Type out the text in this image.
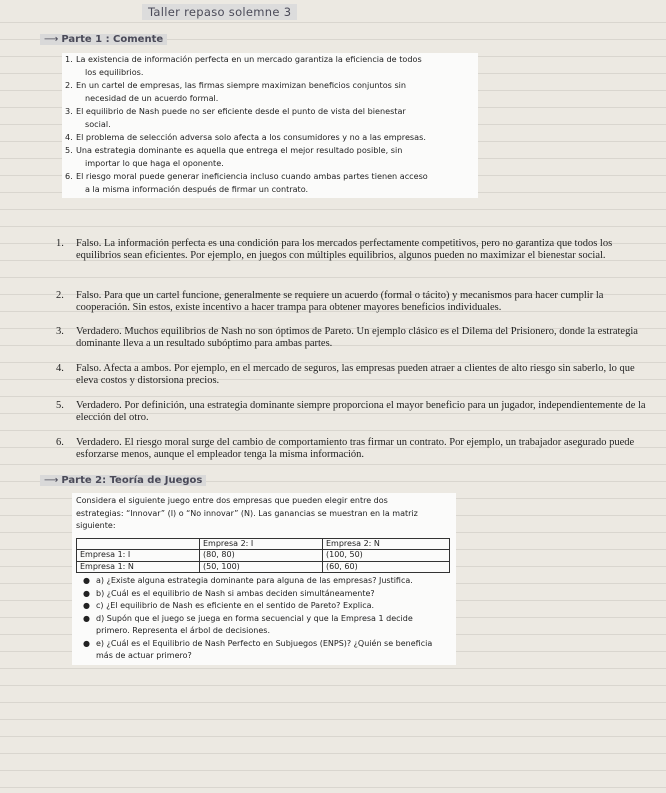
Taller repaso solemne 3
⟶ Parte 1 : Comente
1. La existencia de información perfecta en un mercado garantiza la eficiencia de todos
los equilibrios.
2. En un cartel de empresas, las firmas siempre maximizan beneficios conjuntos sin
necesidad de un acuerdo formal.
3. El equilibrio de Nash puede no ser eficiente desde el punto de vista del bienestar
social.
4. El problema de selección adversa solo afecta a los consumidores y no a las empresas.
5. Una estrategia dominante es aquella que entrega el mejor resultado posible, sin
importar lo que haga el oponente.
6. El riesgo moral puede generar ineficiencia incluso cuando ambas partes tienen acceso
a la misma información después de firmar un contrato.
1.	Falso. La información perfecta es una condición para los mercados perfectamente competitivos, pero no garantiza que todos los equilibrios sean eficientes. Por ejemplo, en juegos con múltiples equilibrios, algunos pueden no maximizar el bienestar social.
2.	Falso. Para que un cartel funcione, generalmente se requiere un acuerdo (formal o tácito) y mecanismos para hacer cumplir la cooperación. Sin estos, existe incentivo a hacer trampa para obtener mayores beneficios individuales.
3.	Verdadero. Muchos equilibrios de Nash no son óptimos de Pareto. Un ejemplo clásico es el Dilema del Prisionero, donde la estrategia dominante lleva a un resultado subóptimo para ambas partes.
4.	Falso. Afecta a ambos. Por ejemplo, en el mercado de seguros, las empresas pueden atraer a clientes de alto riesgo sin saberlo, lo que eleva costos y distorsiona precios.
5.	Verdadero. Por definición, una estrategia dominante siempre proporciona el mayor beneficio para un jugador, independientemente de la elección del otro.
6.	Verdadero. El riesgo moral surge del cambio de comportamiento tras firmar un contrato. Por ejemplo, un trabajador asegurado puede esforzarse menos, aunque el empleador tenga la misma información.
⟶ Parte 2: Teoría de Juegos
Considera el siguiente juego entre dos empresas que pueden elegir entre dos
estrategias: “Innovar” (I) o “No innovar” (N). Las ganancias se muestran en la matriz
siguiente:
	Empresa 2: I	Empresa 2: N
Empresa 1: I	(80, 80)	(100, 50)
Empresa 1: N	(50, 100)	(60, 60)
● a) ¿Existe alguna estrategia dominante para alguna de las empresas? Justifica.
● b) ¿Cuál es el equilibrio de Nash si ambas deciden simultáneamente?
● c) ¿El equilibrio de Nash es eficiente en el sentido de Pareto? Explica.
● d) Supón que el juego se juega en forma secuencial y que la Empresa 1 decide
primero. Representa el árbol de decisiones.
● e) ¿Cuál es el Equilibrio de Nash Perfecto en Subjuegos (ENPS)? ¿Quién se beneficia
más de actuar primero?
